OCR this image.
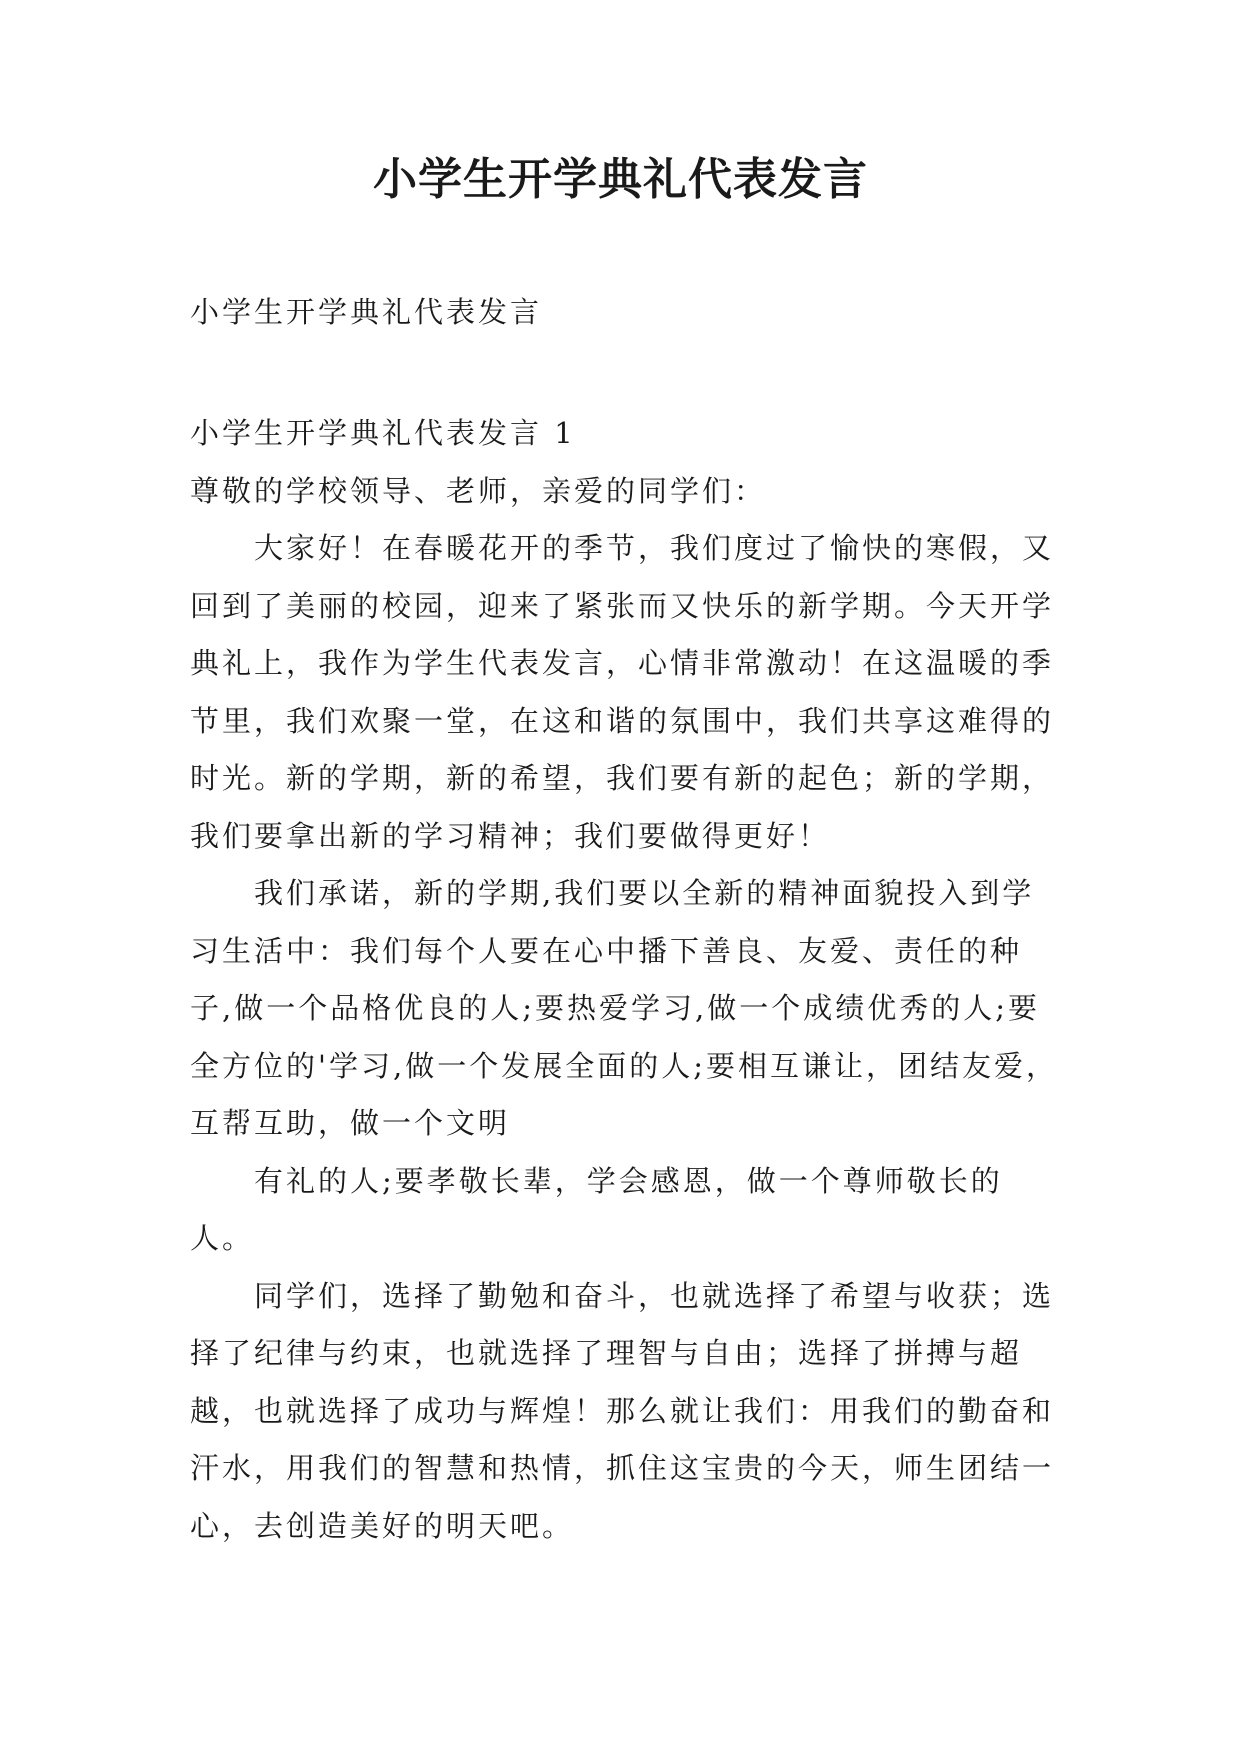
小学生开学典礼代表发言
小学生开学典礼代表发言

小学生开学典礼代表发言 1

尊敬的学校领导、老师，亲爱的同学们：

大家好！在春暖花开的季节，我们度过了愉快的寒假，又回到了美丽的校园，迎来了紧张而又快乐的新学期。今天开学典礼上，我作为学生代表发言，心情非常激动！在这温暖的季节里，我们欢聚一堂，在这和谐的氛围中，我们共享这难得的时光。新的学期，新的希望，我们要有新的起色；新的学期，我们要拿出新的学习精神；我们要做得更好！

我们承诺，新的学期,我们要以全新的精神面貌投入到学习生活中：我们每个人要在心中播下善良、友爱、责任的种子,做一个品格优良的人;要热爱学习,做一个成绩优秀的人;要全方位的'学习,做一个发展全面的人;要相互谦让，团结友爱，互帮互助，做一个文明

有礼的人;要孝敬长辈，学会感恩，做一个尊师敬长的人。

同学们，选择了勤勉和奋斗，也就选择了希望与收获；选择了纪律与约束，也就选择了理智与自由；选择了拼搏与超越，也就选择了成功与辉煌！那么就让我们：用我们的勤奋和汗水，用我们的智慧和热情，抓住这宝贵的今天，师生团结一心，去创造美好的明天吧。
